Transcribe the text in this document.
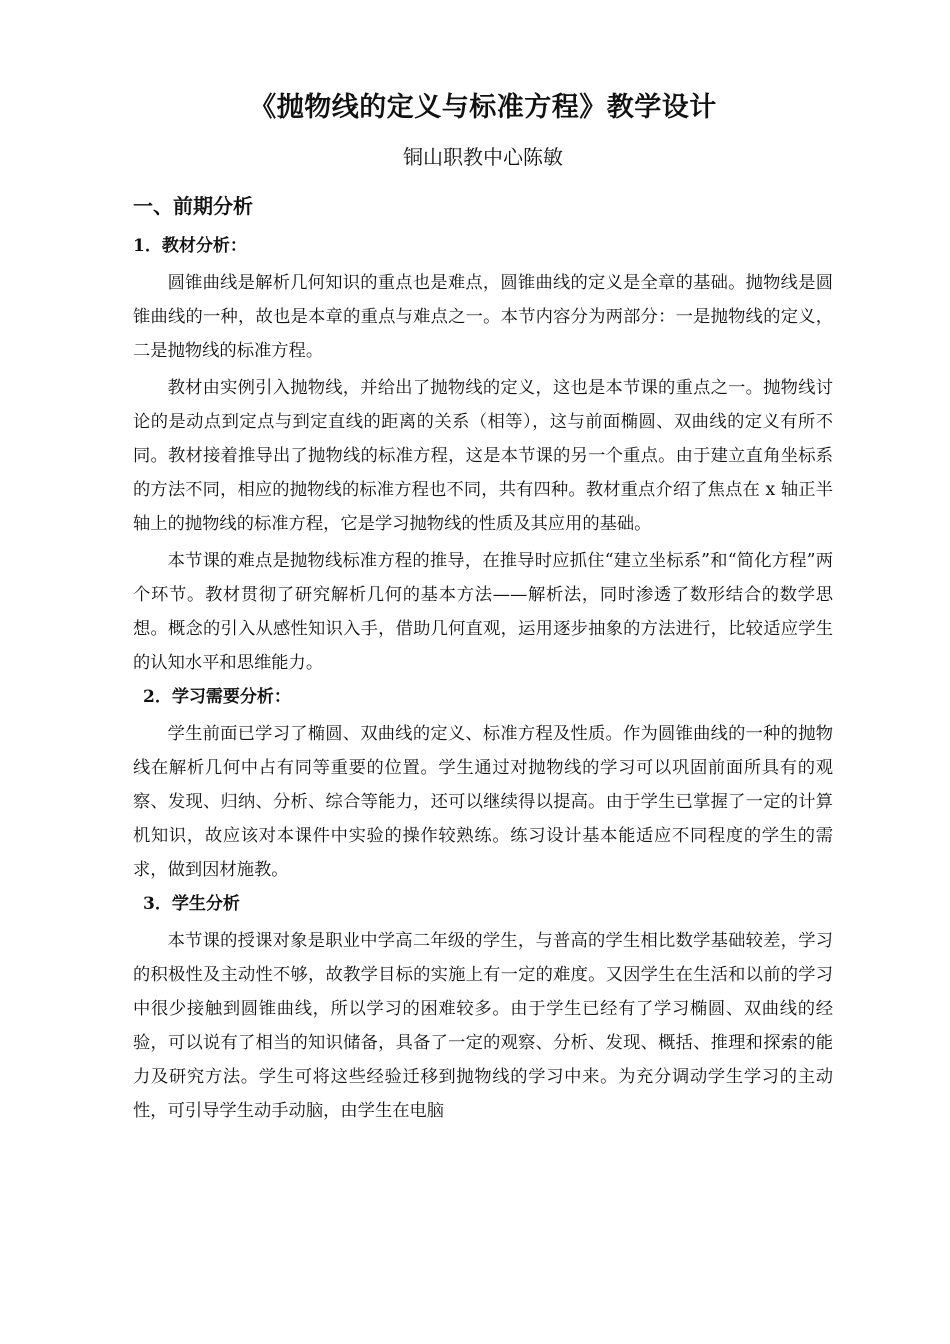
《抛物线的定义与标准方程》教学设计

铜山职教中心陈敏

一、前期分析
1．教材分析：

圆锥曲线是解析几何知识的重点也是难点，圆锥曲线的定义是全章的基础。抛物线是圆锥曲线的一种，故也是本章的重点与难点之一。本节内容分为两部分：一是抛物线的定义，二是抛物线的标准方程。

教材由实例引入抛物线，并给出了抛物线的定义，这也是本节课的重点之一。抛物线讨论的是动点到定点与到定直线的距离的关系（相等），这与前面椭圆、双曲线的定义有所不同。教材接着推导出了抛物线的标准方程，这是本节课的另一个重点。由于建立直角坐标系的方法不同，相应的抛物线的标准方程也不同，共有四种。教材重点介绍了焦点在 x 轴正半轴上的抛物线的标准方程，它是学习抛物线的性质及其应用的基础。

本节课的难点是抛物线标准方程的推导，在推导时应抓住“建立坐标系”和“简化方程”两个环节。教材贯彻了研究解析几何的基本方法——解析法，同时渗透了数形结合的数学思想。概念的引入从感性知识入手，借助几何直观，运用逐步抽象的方法进行，比较适应学生的认知水平和思维能力。

2．学习需要分析：

学生前面已学习了椭圆、双曲线的定义、标准方程及性质。作为圆锥曲线的一种的抛物线在解析几何中占有同等重要的位置。学生通过对抛物线的学习可以巩固前面所具有的观察、发现、归纳、分析、综合等能力，还可以继续得以提高。由于学生已掌握了一定的计算机知识，故应该对本课件中实验的操作较熟练。练习设计基本能适应不同程度的学生的需求，做到因材施教。

3．学生分析

本节课的授课对象是职业中学高二年级的学生，与普高的学生相比数学基础较差，学习的积极性及主动性不够，故教学目标的实施上有一定的难度。又因学生在生活和以前的学习中很少接触到圆锥曲线，所以学习的困难较多。由于学生已经有了学习椭圆、双曲线的经验，可以说有了相当的知识储备，具备了一定的观察、分析、发现、概括、推理和探索的能力及研究方法。学生可将这些经验迁移到抛物线的学习中来。为充分调动学生学习的主动性，可引导学生动手动脑，由学生在电脑
